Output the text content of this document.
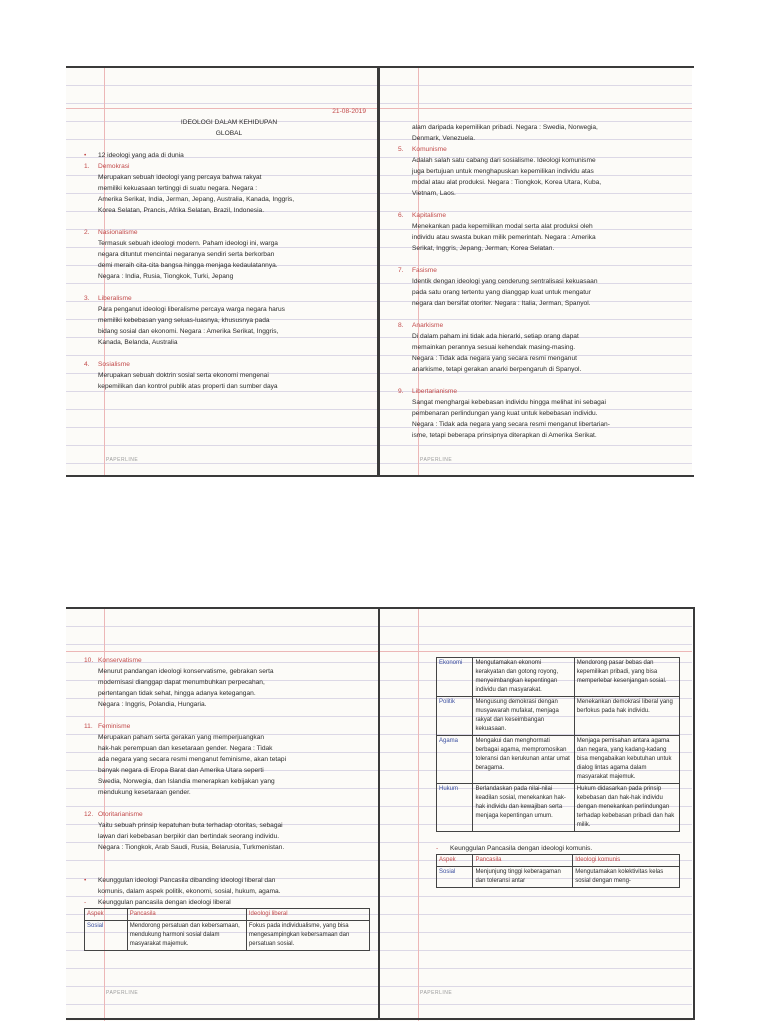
21-08-2019
IDEOLOGI DALAM KEHIDUPAN
GLOBAL

• 12 ideologi yang ada di dunia
1. Demokrasi
Merupakan sebuah ideologi yang percaya bahwa rakyat
memiliki kekuasaan tertinggi di suatu negara. Negara :
Amerika Serikat, India, Jerman, Jepang, Australia, Kanada, Inggris,
Korea Selatan, Prancis, Afrika Selatan, Brazil, Indonesia.

2. Nasionalisme
Termasuk sebuah ideologi modern. Paham ideologi ini, warga
negara dituntut mencintai negaranya sendiri serta berkorban
demi meraih cita-cita bangsa hingga menjaga kedaulatannya.
Negara : India, Rusia, Tiongkok, Turki, Jepang

3. Liberalisme
Para penganut ideologi liberalisme percaya warga negara harus
memiliki kebebasan yang seluas-luasnya, khususnya pada
bidang sosial dan ekonomi. Negara : Amerika Serikat, Inggris,
Kanada, Belanda, Australia

4. Sosialisme
Merupakan sebuah doktrin sosial serta ekonomi mengenai
kepemilikan dan kontrol publik atas properti dan sumber daya

PAPERLINE
alam daripada kepemilikan pribadi. Negara : Swedia, Norwegia,
Denmark, Venezuela.
5. Komunisme
Adalah salah satu cabang dari sosialisme. Ideologi komunisme
juga bertujuan untuk menghapuskan kepemilikan individu atas
modal atau alat produksi. Negara : Tiongkok, Korea Utara, Kuba,
Vietnam, Laos.

6. Kapitalisme
Menekankan pada kepemilikan modal serta alat produksi oleh
individu atau swasta bukan milik pemerintah. Negara : Amerika
Serikat, Inggris, Jepang, Jerman, Korea Selatan.

7. Fasisme
Identik dengan ideologi yang cenderung sentralisasi kekuasaan
pada satu orang tertentu yang dianggap kuat untuk mengatur
negara dan bersifat otoriter. Negara : Italia, Jerman, Spanyol.

8. Anarkisme
Di dalam paham ini tidak ada hierarki, setiap orang dapat
memainkan perannya sesuai kehendak masing-masing.
Negara : Tidak ada negara yang secara resmi menganut
anarkisme, tetapi gerakan anarki berpengaruh di Spanyol.

9. Libertarianisme
Sangat menghargai kebebasan individu hingga melihat ini sebagai
pembenaran perlindungan yang kuat untuk kebebasan individu.
Negara : Tidak ada negara yang secara resmi menganut libertarian-
isme, tetapi beberapa prinsipnya diterapkan di Amerika Serikat.

PAPERLINE
10. Konservatisme
Menurut pandangan ideologi konservatisme, gebrakan serta
modernisasi dianggap dapat menumbuhkan perpecahan,
pertentangan tidak sehat, hingga adanya ketegangan.
Negara : Inggris, Polandia, Hungaria.

11. Feminisme
Merupakan paham serta gerakan yang memperjuangkan
hak-hak perempuan dan kesetaraan gender. Negara : Tidak
ada negara yang secara resmi menganut feminisme, akan tetapi
banyak negara di Eropa Barat dan Amerika Utara seperti
Swedia, Norwegia, dan Islandia menerapkan kebijakan yang
mendukung kesetaraan gender.

12. Otoritarianisme
Yaitu sebuah prinsip kepatuhan buta terhadap otoritas, sebagai
lawan dari kebebasan berpikir dan bertindak seorang individu.
Negara : Tiongkok, Arab Saudi, Rusia, Belarusia, Turkmenistan.

• Keunggulan ideologi Pancasila dibanding ideologi liberal dan
komunis, dalam aspek politik, ekonomi, sosial, hukum, agama.
- Keunggulan pancasila dengan ideologi liberal
Aspek	Pancasila	Ideologi liberal
Sosial	Mendorong persatuan dan kebersamaan, mendukung harmoni sosial dalam masyarakat majemuk.	Fokus pada individualisme, yang bisa mengesampingkan kebersamaan dan persatuan sosial.
PAPERLINE
Ekonomi	Mengutamakan ekonomi kerakyatan dan gotong royong, menyeimbangkan kepentingan individu dan masyarakat.	Mendorong pasar bebas dan kepemilikan pribadi, yang bisa memperlebar kesenjangan sosial.
Politik	Mengusung demokrasi dengan musyawarah mufakat, menjaga rakyat dan keseimbangan kekuasaan.	Menekankan demokrasi liberal yang berfokus pada hak individu.
Agama	Mengakui dan menghormati berbagai agama, mempromosikan toleransi dan kerukunan antar umat beragama.	Menjaga pemisahan antara agama dan negara, yang kadang-kadang bisa mengabaikan kebutuhan untuk dialog lintas agama dalam masyarakat majemuk.
Hukum	Berlandaskan pada nilai-nilai keadilan sosial, menekankan hak-hak individu dan kewajiban serta menjaga kepentingan umum.	Hukum didasarkan pada prinsip kebebasan dan hak-hak individu dengan menekankan perlindungan terhadap kebebasan pribadi dan hak milik.

- Keunggulan Pancasila dengan ideologi komunis.
Aspek	Pancasila	Ideologi komunis
Sosial	Menjunjung tinggi keberagaman dan toleransi antar	Mengutamakan kolektivitas kelas sosial dengan meng-
PAPERLINE
